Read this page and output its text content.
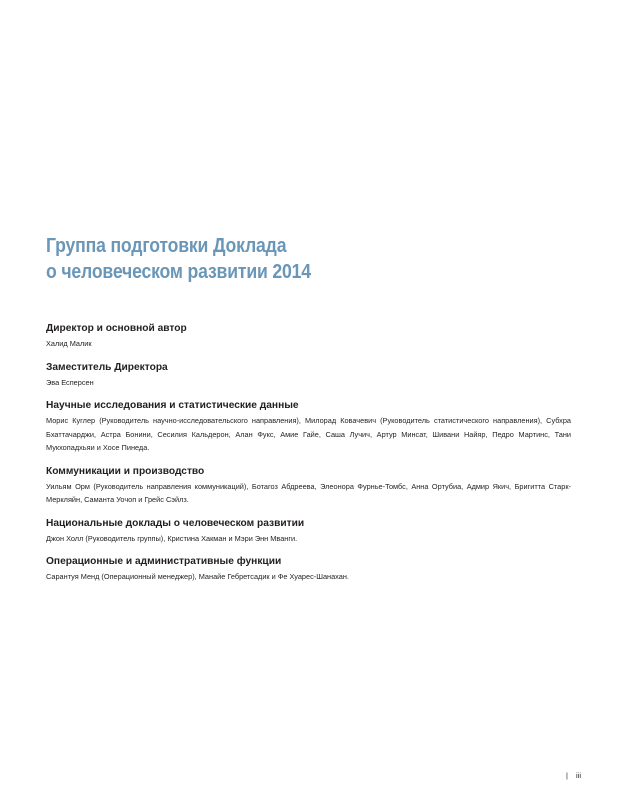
Группа подготовки Доклада
о человеческом развитии 2014
Директор и основной автор

Халид Малик

Заместитель Директора

Эва Есперсен

Научные исследования и статистические данные

Морис Куглер (Руководитель научно-исследовательского направления), Милорад Ковачевич (Руководитель статистического направления), Субхра Бхаттачарджи, Астра Бонини, Сесилия Кальдерон, Алан Фукс, Амие Гайе, Саша Лучич, Артур Минсат, Шивани Найяр, Педро Мартинс, Тани Мукхопадхьяи и Хосе Пинеда.

Коммуникации и производство

Уильям Орм (Руководитель направления коммуникаций), Ботагоз Абдреева, Элеонора Фурнье-Томбс, Анна Ортубиа, Адмир Якич, Бригитта Старк-Меркляйн, Саманта Уочоп и Грейс Сэйлз.

Национальные доклады о человеческом развитии

Джон Холл (Руководитель группы), Кристина Хакман и Мэри Энн Мванги.

Операционные и административные функции

Сарантуя Менд (Операционный менеджер), Манайе Гебретсадик и Фе Хуарес-Шанахан.

| iii
